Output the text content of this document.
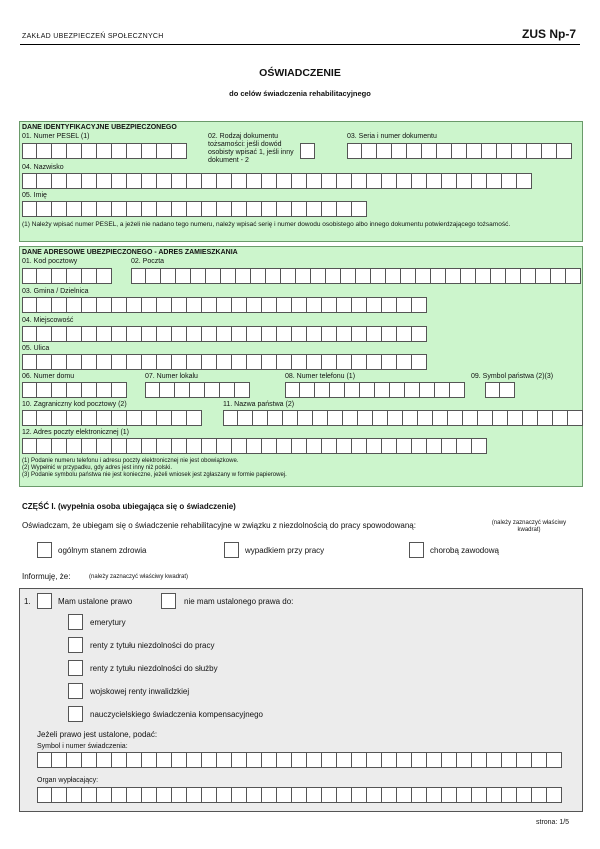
ZAKŁAD UBEZPIECZEŃ SPOŁECZNYCH	ZUS Np-7
OŚWIADCZENIE
do celów świadczenia rehabilitacyjnego
DANE IDENTYFIKACYJNE UBEZPIECZONEGO
01. Numer PESEL (1)	02. Rodzaj dokumentu tożsamości: jeśli dowód osobisty wpisać 1, jeśli inny dokument - 2
03. Seria i numer dokumentu
04. Nazwisko
05. Imię
(1) Należy wpisać numer PESEL, a jeżeli nie nadano tego numeru, należy wpisać serię i numer dowodu osobistego albo innego dokumentu potwierdzającego tożsamość.
DANE ADRESOWE UBEZPIECZONEGO - ADRES ZAMIESZKANIA
01. Kod pocztowy	02. Poczta
03. Gmina / Dzielnica
04. Miejscowość
05. Ulica
06. Numer domu	07. Numer lokalu	08. Numer telefonu (1)	09. Symbol państwa (2)(3)
10. Zagraniczny kod pocztowy (2)	11. Nazwa państwa (2)
12. Adres poczty elektronicznej (1)
(1) Podanie numeru telefonu i adresu poczty elektronicznej nie jest obowiązkowe.
(2) Wypełnić w przypadku, gdy adres jest inny niż polski.
(3) Podanie symbolu państwa nie jest konieczne, jeżeli wniosek jest zgłaszany w formie papierowej.
CZĘŚĆ I. (wypełnia osoba ubiegająca się o świadczenie)
Oświadczam, że ubiegam się o świadczenie rehabilitacyjne w związku z niezdolnością do pracy spowodowaną:	(należy zaznaczyć właściwy kwadrat)
ogólnym stanem zdrowia	wypadkiem przy pracy	chorobą zawodową
Informuję, że:	(należy zaznaczyć właściwy kwadrat)
1.	Mam ustalone prawo	nie mam ustalonego prawa do:
emerytury
renty z tytułu niezdolności do pracy
renty z tytułu niezdolności do służby
wojskowej renty inwalidzkiej
nauczycielskiego świadczenia kompensacyjnego
Jeżeli prawo jest ustalone, podać:
Symbol i numer świadczenia:
Organ wypłacający:
strona: 1/5
